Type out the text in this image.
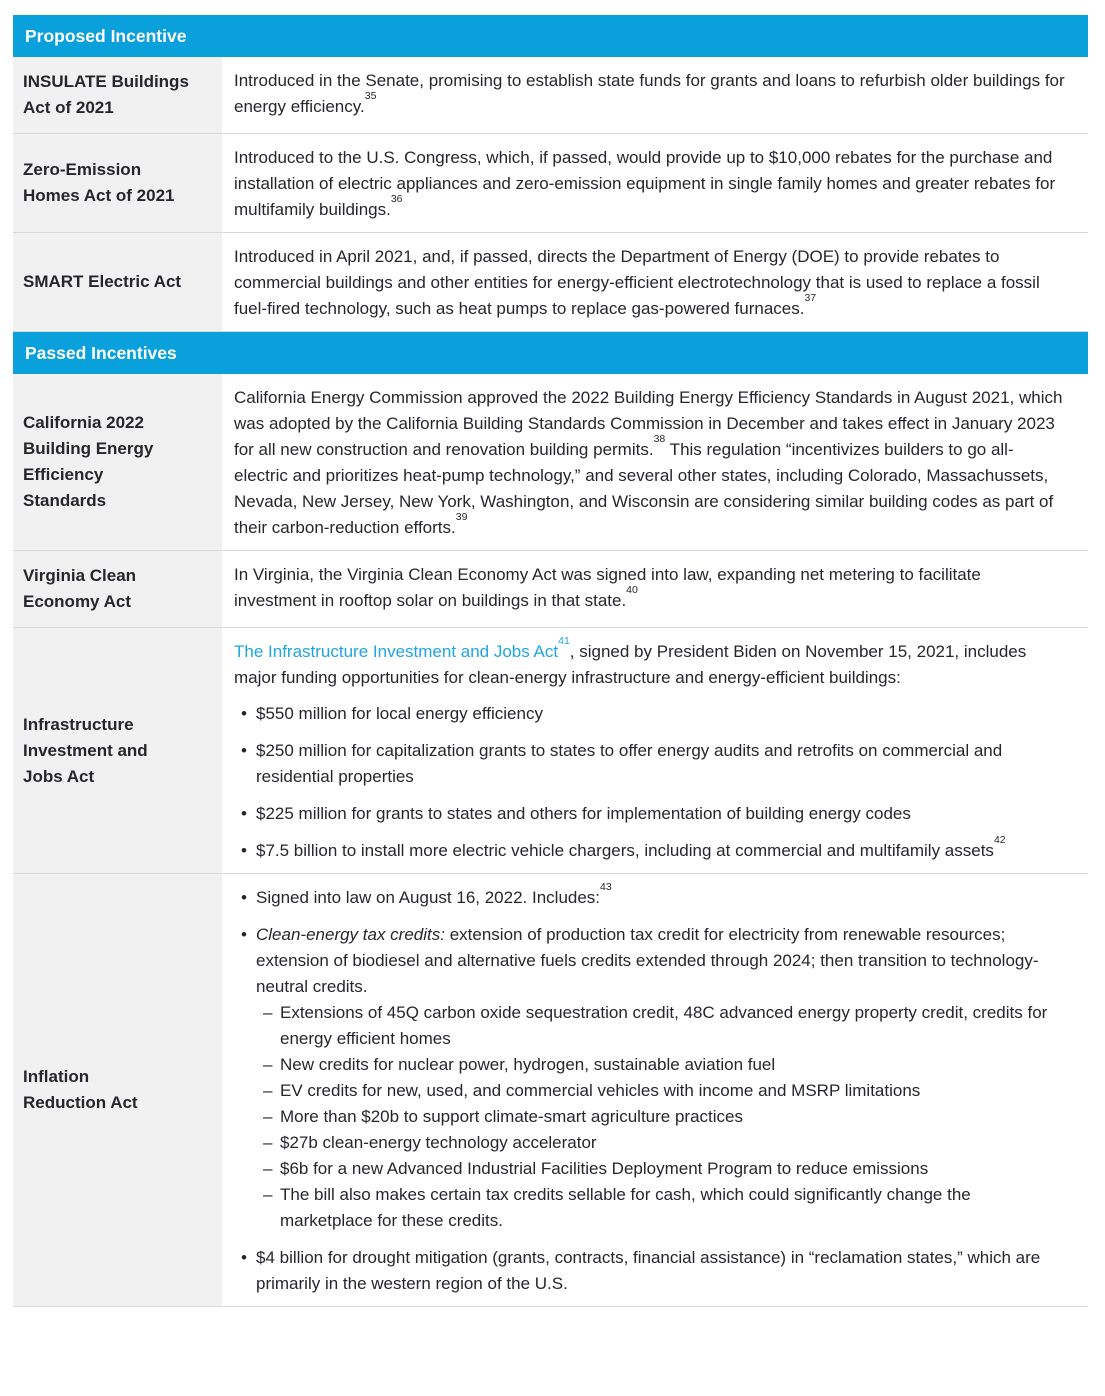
Proposed Incentive
INSULATE Buildings
Act of 2021

Introduced in the Senate, promising to establish state funds for grants and loans to refurbish older buildings for energy efficiency.$^{35}$

Zero-Emission
Homes Act of 2021

Introduced to the U.S. Congress, which, if passed, would provide up to $10,000 rebates for the purchase and installation of electric appliances and zero-emission equipment in single family homes and greater rebates for multifamily buildings.$^{36}$

SMART Electric Act

Introduced in April 2021, and, if passed, directs the Department of Energy (DOE) to provide rebates to commercial buildings and other entities for energy-efficient electrotechnology that is used to replace a fossil fuel-fired technology, such as heat pumps to replace gas-powered furnaces.$^{37}$

Passed Incentives
California 2022
Building Energy
Efficiency
Standards

California Energy Commission approved the 2022 Building Energy Efficiency Standards in August 2021, which was adopted by the California Building Standards Commission in December and takes effect in January 2023 for all new construction and renovation building permits.$^{38}$ This regulation “incentivizes builders to go all-electric and prioritizes heat-pump technology,” and several other states, including Colorado, Massachussets, Nevada, New Jersey, New York, Washington, and Wisconsin are considering similar building codes as part of their carbon-reduction efforts.$^{39}$

Virginia Clean
Economy Act

In Virginia, the Virginia Clean Economy Act was signed into law, expanding net metering to facilitate investment in rooftop solar on buildings in that state.$^{40}$

Infrastructure
Investment and
Jobs Act

The Infrastructure Investment and Jobs Act$^{41}$, signed by President Biden on November 15, 2021, includes major funding opportunities for clean-energy infrastructure and energy-efficient buildings:

• $550 million for local energy efficiency
• $250 million for capitalization grants to states to offer energy audits and retrofits on commercial and residential properties
• $225 million for grants to states and others for implementation of building energy codes
• $7.5 billion to install more electric vehicle chargers, including at commercial and multifamily assets$^{42}$
Inflation
Reduction Act
• Signed into law on August 16, 2022. Includes:$^{43}$
• Clean-energy tax credits: extension of production tax credit for electricity from renewable resources; extension of biodiesel and alternative fuels credits extended through 2024; then transition to technology-neutral credits.
– Extensions of 45Q carbon oxide sequestration credit, 48C advanced energy property credit, credits for energy efficient homes
– New credits for nuclear power, hydrogen, sustainable aviation fuel
– EV credits for new, used, and commercial vehicles with income and MSRP limitations
– More than $20b to support climate-smart agriculture practices
– $27b clean-energy technology accelerator
– $6b for a new Advanced Industrial Facilities Deployment Program to reduce emissions
– The bill also makes certain tax credits sellable for cash, which could significantly change the marketplace for these credits.
• $4 billion for drought mitigation (grants, contracts, financial assistance) in “reclamation states,” which are primarily in the western region of the U.S.
